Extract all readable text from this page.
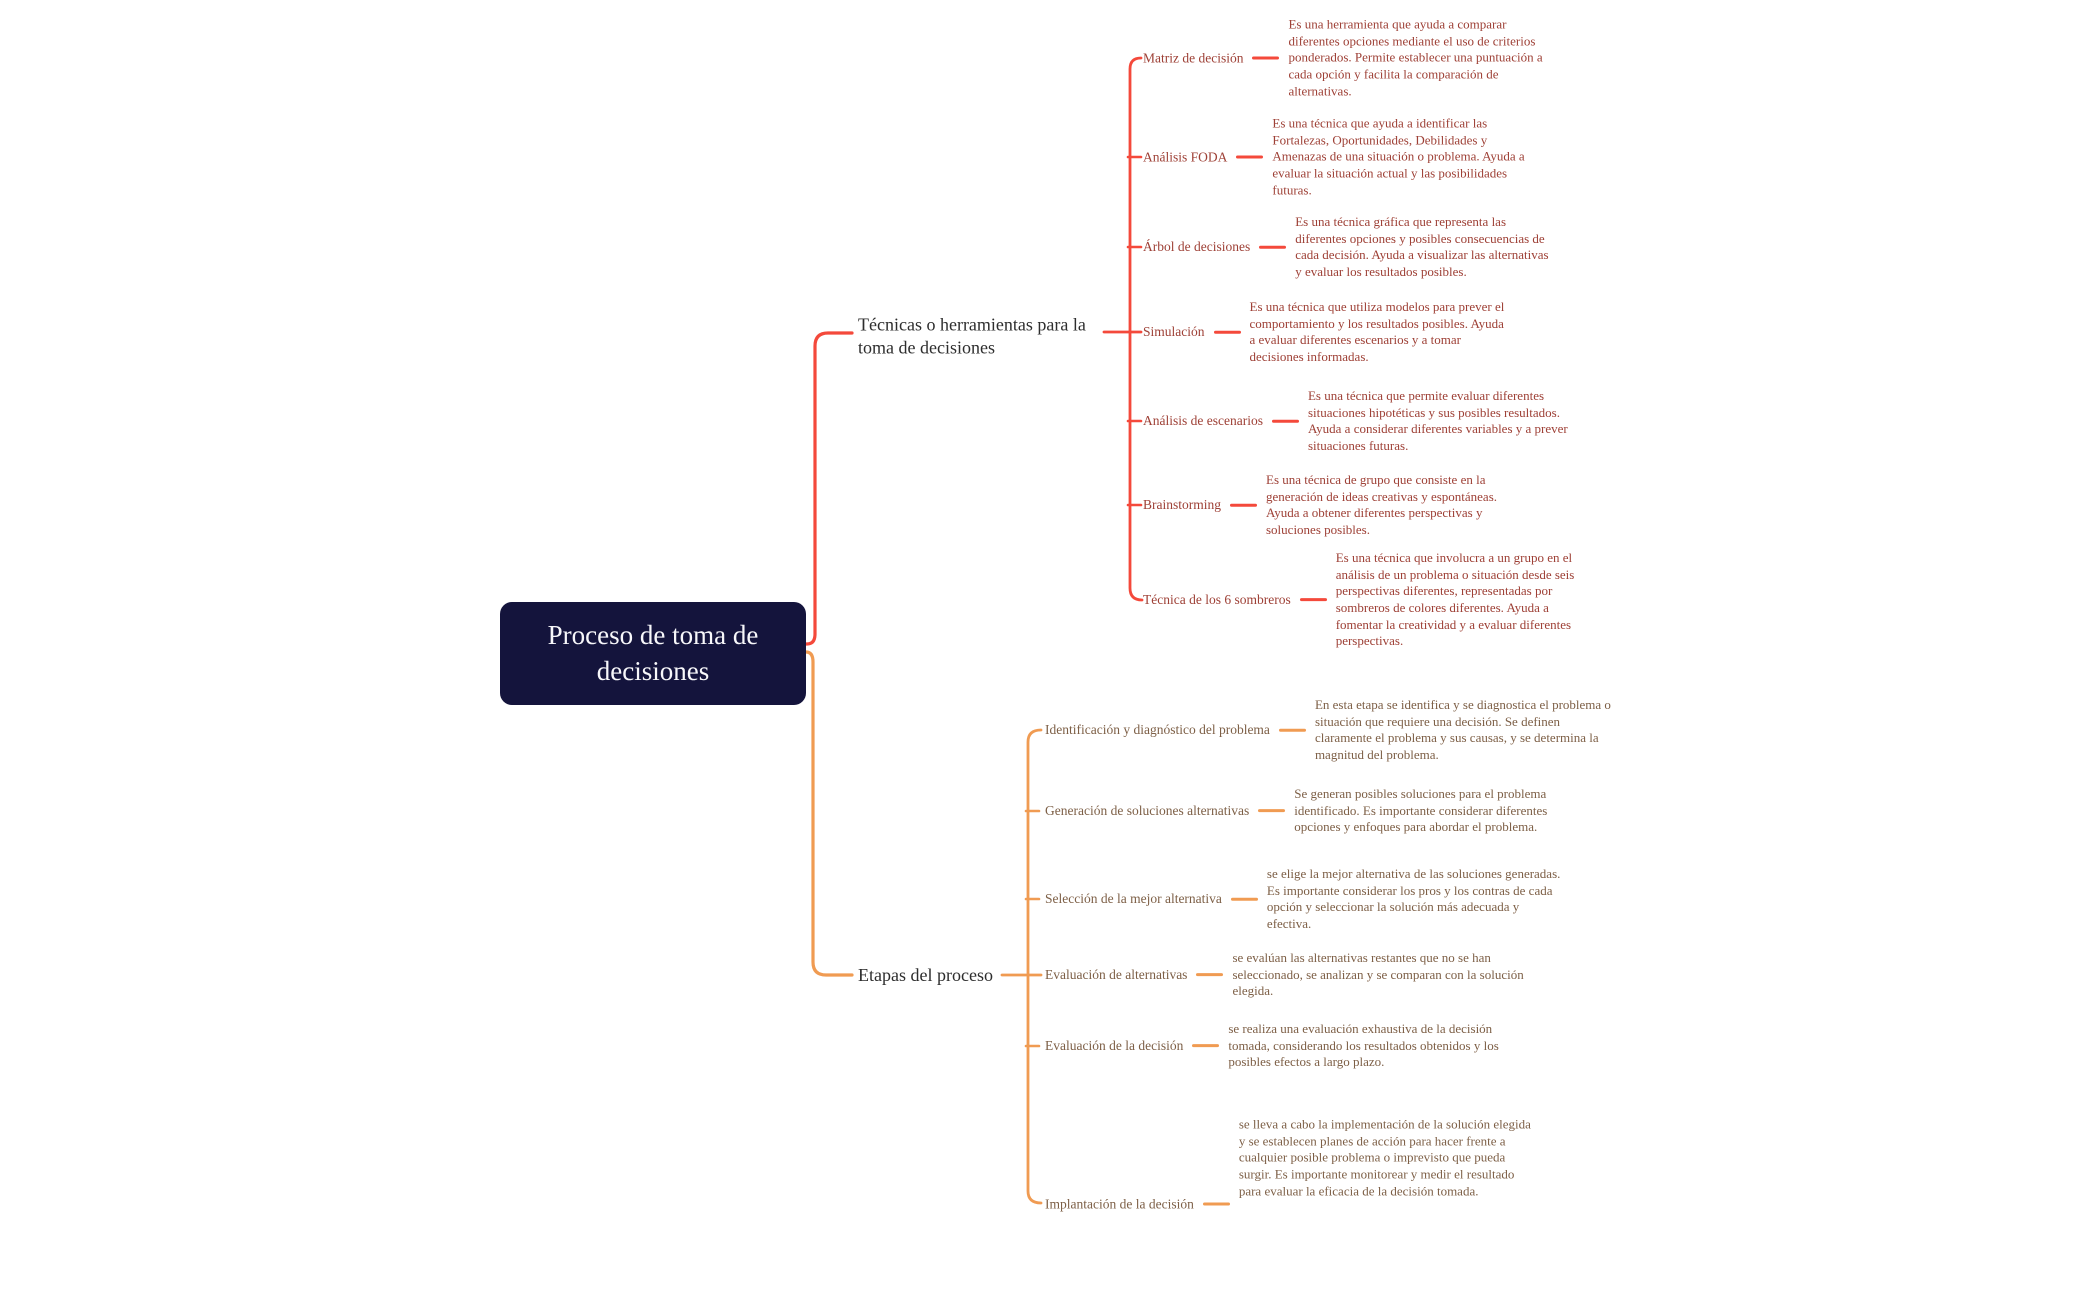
Proceso de toma de decisiones
Técnicas o herramientas para la toma de decisiones
Etapas del proceso
Matriz de decisión
Es una herramienta que ayuda a comparar diferentes opciones mediante el uso de criterios ponderados. Permite establecer una puntuación a cada opción y facilita la comparación de alternativas.
Análisis FODA
Es una técnica que ayuda a identificar las Fortalezas, Oportunidades, Debilidades y Amenazas de una situación o problema. Ayuda a evaluar la situación actual y las posibilidades futuras.
Árbol de decisiones
Es una técnica gráfica que representa las diferentes opciones y posibles consecuencias de cada decisión. Ayuda a visualizar las alternativas y evaluar los resultados posibles.
Simulación
Es una técnica que utiliza modelos para prever el comportamiento y los resultados posibles. Ayuda a evaluar diferentes escenarios y a tomar decisiones informadas.
Análisis de escenarios
Es una técnica que permite evaluar diferentes situaciones hipotéticas y sus posibles resultados. Ayuda a considerar diferentes variables y a prever situaciones futuras.
Brainstorming
Es una técnica de grupo que consiste en la generación de ideas creativas y espontáneas. Ayuda a obtener diferentes perspectivas y soluciones posibles.
Técnica de los 6 sombreros
Es una técnica que involucra a un grupo en el análisis de un problema o situación desde seis perspectivas diferentes, representadas por sombreros de colores diferentes. Ayuda a fomentar la creatividad y a evaluar diferentes perspectivas.
Identificación y diagnóstico del problema
En esta etapa se identifica y se diagnostica el problema o situación que requiere una decisión. Se definen claramente el problema y sus causas, y se determina la magnitud del problema.
Generación de soluciones alternativas
Se generan posibles soluciones para el problema identificado. Es importante considerar diferentes opciones y enfoques para abordar el problema.
Selección de la mejor alternativa
se elige la mejor alternativa de las soluciones generadas. Es importante considerar los pros y los contras de cada opción y seleccionar la solución más adecuada y efectiva.
Evaluación de alternativas
se evalúan las alternativas restantes que no se han seleccionado, se analizan y se comparan con la solución elegida.
Evaluación de la decisión
se realiza una evaluación exhaustiva de la decisión tomada, considerando los resultados obtenidos y los posibles efectos a largo plazo.
Implantación de la decisión
se lleva a cabo la implementación de la solución elegida y se establecen planes de acción para hacer frente a cualquier posible problema o imprevisto que pueda surgir. Es importante monitorear y medir el resultado para evaluar la eficacia de la decisión tomada.
